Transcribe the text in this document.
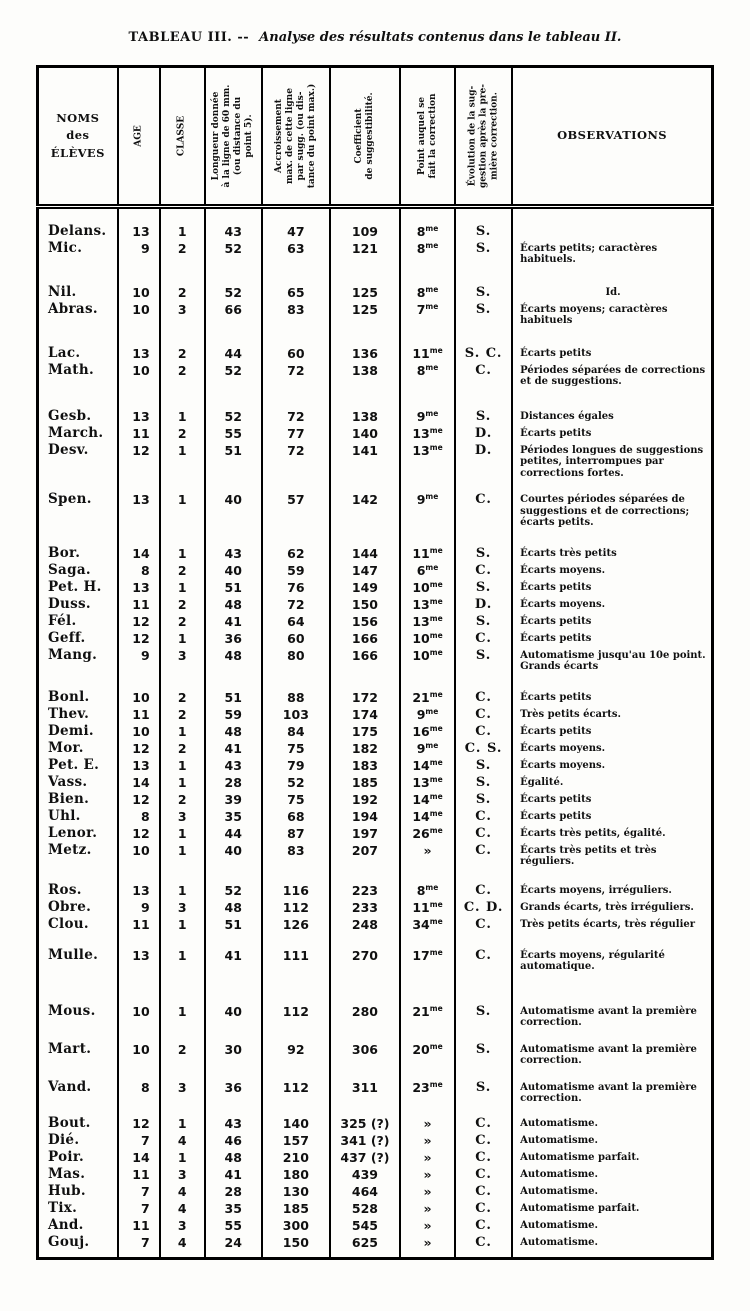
TABLEAU III. -- Analyse des résultats contenus dans le tableau II.
NOMS
des
ÉLÈVES	AGE	CLASSE	Longueur donnée
à la ligne de 60 mm.
(ou distance du
point 5).	Accroissement
max. de cette ligne
par sugg. (ou dis-
tance du point max.)	Coefficient
de suggestibilité.	Point auquel se
fait la correction	Évolution de la sug-
gestion après la pre-
mière correction.	OBSERVATIONS

Delans.	13	1	43	47	109	$8^{me}$	S.	
Mic.	9	2	52	63	121	$8^{me}$	S.	Écarts petits; caractères habituels.

Nil.	10	2	52	65	125	$8^{me}$	S.	Id.
Abras.	10	3	66	83	125	$7^{me}$	S.	Écarts moyens; caractères habituels

Lac.	13	2	44	60	136	$11^{me}$	S. C.	Écarts petits
Math.	10	2	52	72	138	$8^{me}$	C.	Périodes séparées de corrections et de suggestions.

Gesb.	13	1	52	72	138	$9^{me}$	S.	Distances égales
March.	11	2	55	77	140	$13^{me}$	D.	Écarts petits
Desv.	12	1	51	72	141	$13^{me}$	D.	Périodes longues de suggestions petites, interrompues par corrections fortes.

Spen.	13	1	40	57	142	$9^{me}$	C.	Courtes périodes séparées de suggestions et de corrections; écarts petits.

Bor.	14	1	43	62	144	$11^{me}$	S.	Écarts très petits
Saga.	8	2	40	59	147	$6^{me}$	C.	Écarts moyens.
Pet. H.	13	1	51	76	149	$10^{me}$	S.	Écarts petits
Duss.	11	2	48	72	150	$13^{me}$	D.	Écarts moyens.
Fél.	12	2	41	64	156	$13^{me}$	S.	Écarts petits
Geff.	12	1	36	60	166	$10^{me}$	C.	Écarts petits
Mang.	9	3	48	80	166	$10^{me}$	S.	Automatisme jusqu'au 10e point. Grands écarts

Bonl.	10	2	51	88	172	$21^{me}$	C.	Écarts petits
Thev.	11	2	59	103	174	$9^{me}$	C.	Très petits écarts.
Demi.	10	1	48	84	175	$16^{me}$	C.	Écarts petits
Mor.	12	2	41	75	182	$9^{me}$	C. S.	Écarts moyens.
Pet. E.	13	1	43	79	183	$14^{me}$	S.	Écarts moyens.
Vass.	14	1	28	52	185	$13^{me}$	S.	Égalité.
Bien.	12	2	39	75	192	$14^{me}$	S.	Écarts petits
Uhl.	8	3	35	68	194	$14^{me}$	C.	Écarts petits
Lenor.	12	1	44	87	197	$26^{me}$	C.	Écarts très petits, égalité.
Metz.	10	1	40	83	207	»	C.	Écarts très petits et très réguliers.

Ros.	13	1	52	116	223	$8^{me}$	C.	Écarts moyens, irréguliers.
Obre.	9	3	48	112	233	$11^{me}$	C. D.	Grands écarts, très irréguliers.
Clou.	11	1	51	126	248	$34^{me}$	C.	Très petits écarts, très régulier

Mulle.	13	1	41	111	270	$17^{me}$	C.	Écarts moyens, régularité automatique.

Mous.	10	1	40	112	280	$21^{me}$	S.	Automatisme avant la première correction.

Mart.	10	2	30	92	306	$20^{me}$	S.	Automatisme avant la première correction.

Vand.	8	3	36	112	311	$23^{me}$	S.	Automatisme avant la première correction.

Bout.	12	1	43	140	325 (?)	»	C.	Automatisme.
Dié.	7	4	46	157	341 (?)	»	C.	Automatisme.
Poir.	14	1	48	210	437 (?)	»	C.	Automatisme parfait.
Mas.	11	3	41	180	439	»	C.	Automatisme.
Hub.	7	4	28	130	464	»	C.	Automatisme.
Tix.	7	4	35	185	528	»	C.	Automatisme parfait.
And.	11	3	55	300	545	»	C.	Automatisme.
Gouj.	7	4	24	150	625	»	C.	Automatisme.
